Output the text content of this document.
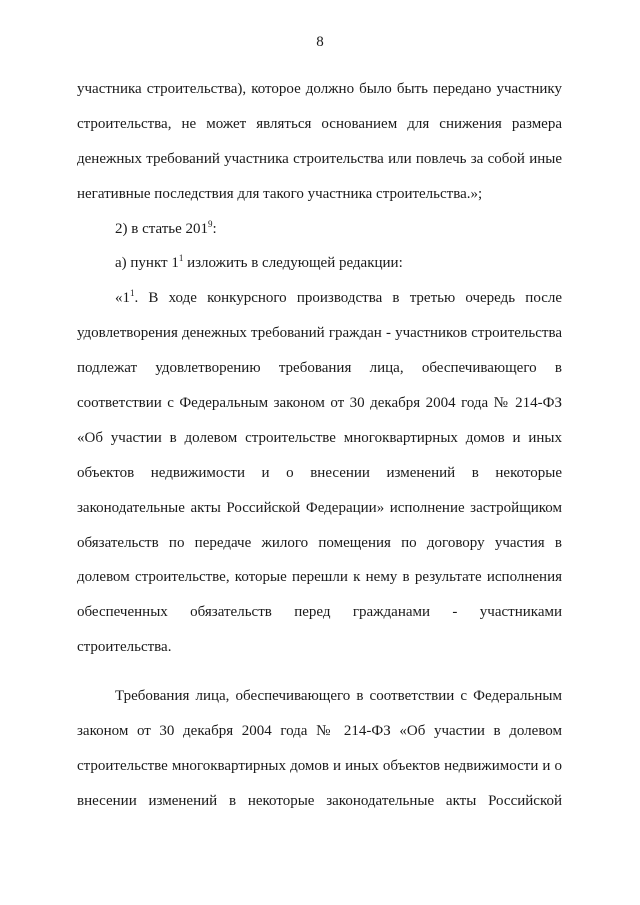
8
участника строительства), которое должно было быть передано участнику
строительства, не может являться основанием для снижения размера
денежных требований участника строительства или повлечь за собой иные
негативные последствия для такого участника строительства.»;
2) в статье $201^9$:
а) пункт $1^1$ изложить в следующей редакции:
«$1^1$. В ходе конкурсного производства в третью очередь после
удовлетворения денежных требований граждан - участников строительства
подлежат удовлетворению требования лица, обеспечивающего в
соответствии с Федеральным законом от 30 декабря 2004 года № 214-ФЗ
«Об участии в долевом строительстве многоквартирных домов и иных
объектов недвижимости и о внесении изменений в некоторые
законодательные акты Российской Федерации» исполнение застройщиком
обязательств по передаче жилого помещения по договору участия в
долевом строительстве, которые перешли к нему в результате исполнения
обеспеченных обязательств перед гражданами - участниками
строительства.
Требования лица, обеспечивающего в соответствии с Федеральным
законом от 30 декабря 2004 года № 214-ФЗ «Об участии в долевом
строительстве многоквартирных домов и иных объектов недвижимости и о
внесении изменений в некоторые законодательные акты Российской
